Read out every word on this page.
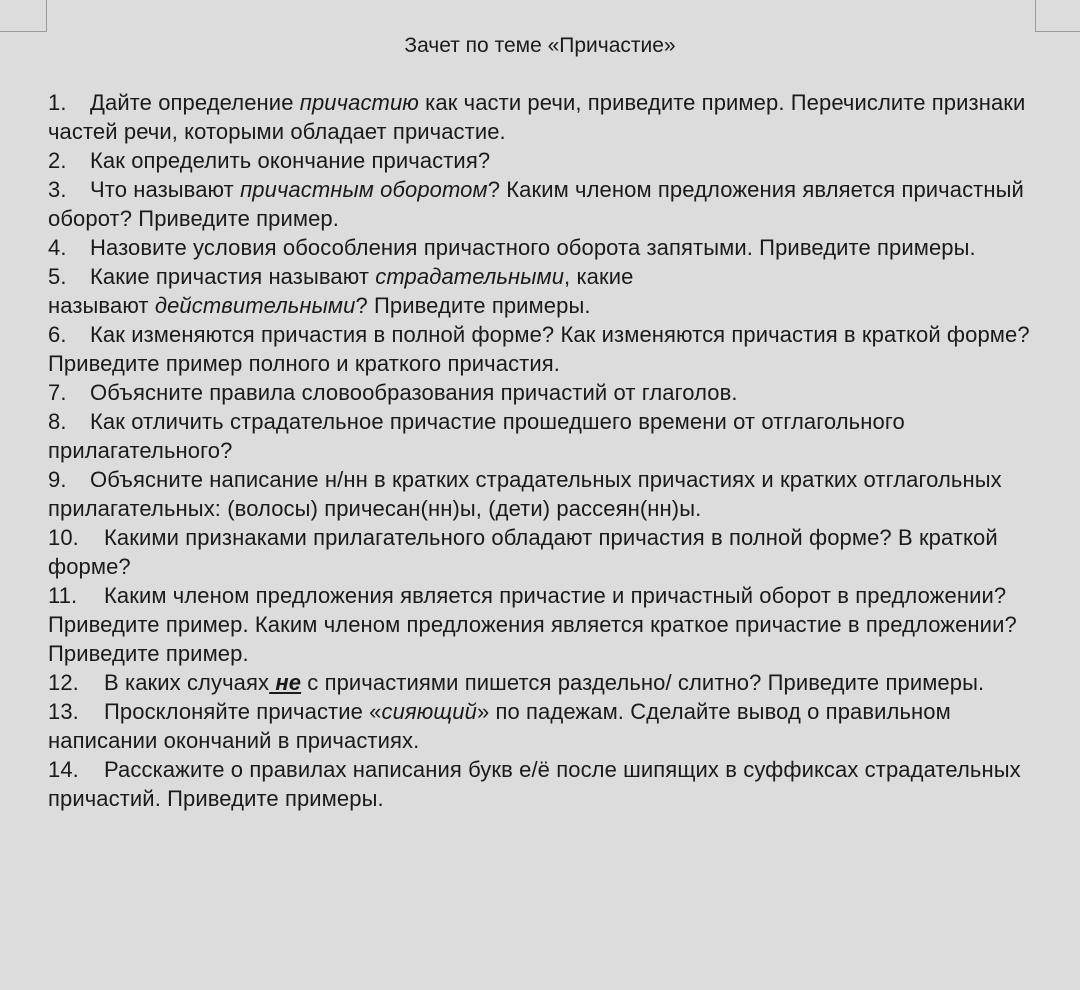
Зачет по теме «Причастие»

1. Дайте определение причастию как части речи, приведите пример. Перечислите признаки частей речи, которыми обладает причастие.

2. Как определить окончание причастия?

3. Что называют причастным оборотом? Каким членом предложения является причастный оборот? Приведите пример.

4. Назовите условия обособления причастного оборота запятыми. Приведите примеры.

5. Какие причастия называют страдательными, какие
называют действительными? Приведите примеры.

6. Как изменяются причастия в полной форме? Как изменяются причастия в краткой форме? Приведите пример полного и краткого причастия.

7. Объясните правила словообразования причастий от глаголов.

8. Как отличить страдательное причастие прошедшего времени от отглагольного прилагательного?

9. Объясните написание н/нн в кратких страдательных причастиях и кратких отглагольных прилагательных: (волосы) причесан(нн)ы, (дети) рассеян(нн)ы.

10. Какими признаками прилагательного обладают причастия в полной форме? В краткой форме?

11. Каким членом предложения является причастие и причастный оборот в предложении? Приведите пример. Каким членом предложения является краткое причастие в предложении? Приведите пример.

12. В каких случаях не с причастиями пишется раздельно/ слитно? Приведите примеры.

13. Просклоняйте причастие «сияющий» по падежам. Сделайте вывод о правильном написании окончаний в причастиях.

14. Расскажите о правилах написания букв е/ё после шипящих в суффиксах страдательных причастий. Приведите примеры.
